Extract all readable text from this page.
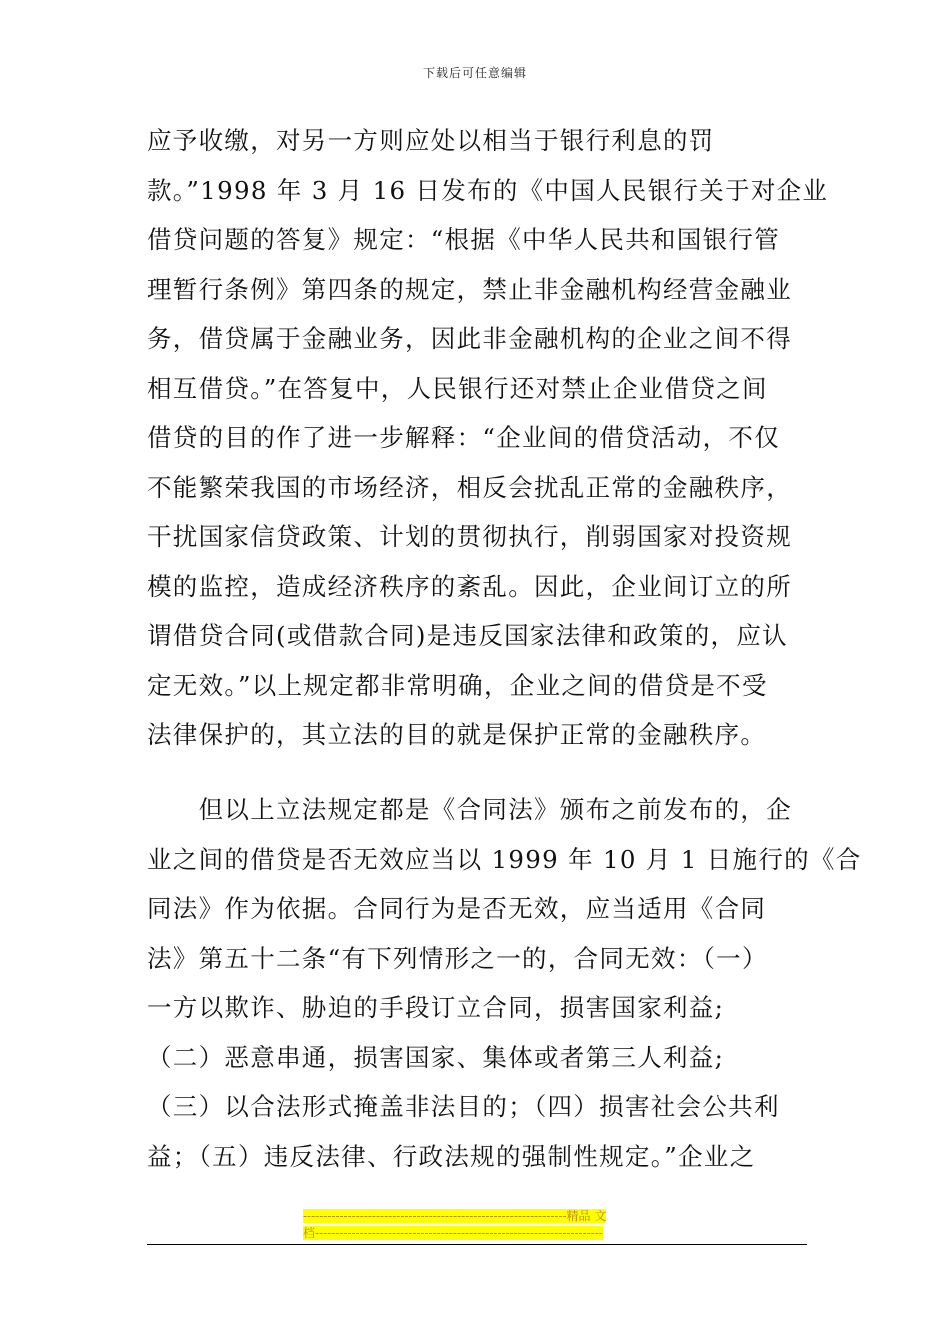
下载后可任意编辑
应予收缴，对另一方则应处以相当于银行利息的罚
款。”1998 年 3 月 16 日发布的《中国人民银行关于对企业
借贷问题的答复》规定：“根据《中华人民共和国银行管
理暂行条例》第四条的规定，禁止非金融机构经营金融业
务，借贷属于金融业务，因此非金融机构的企业之间不得
相互借贷。”在答复中，人民银行还对禁止企业借贷之间
借贷的目的作了进一步解释：“企业间的借贷活动，不仅
不能繁荣我国的市场经济，相反会扰乱正常的金融秩序，
干扰国家信贷政策、计划的贯彻执行，削弱国家对投资规
模的监控，造成经济秩序的紊乱。因此，企业间订立的所
谓借贷合同(或借款合同)是违反国家法律和政策的，应认
定无效。”以上规定都非常明确，企业之间的借贷是不受
法律保护的，其立法的目的就是保护正常的金融秩序。
　　但以上立法规定都是《合同法》颁布之前发布的，企
业之间的借贷是否无效应当以 1999 年 10 月 1 日施行的《合
同法》作为依据。合同行为是否无效，应当适用《合同
法》第五十二条“有下列情形之一的，合同无效：（一）
一方以欺诈、胁迫的手段订立合同，损害国家利益;
（二）恶意串通，损害国家、集体或者第三人利益;
（三）以合法形式掩盖非法目的；（四）损害社会公共利
益；（五）违反法律、行政法规的强制性规定。”企业之
-----------------------------------------------------------------精品 文
档-----------------------------------------------------------------------
